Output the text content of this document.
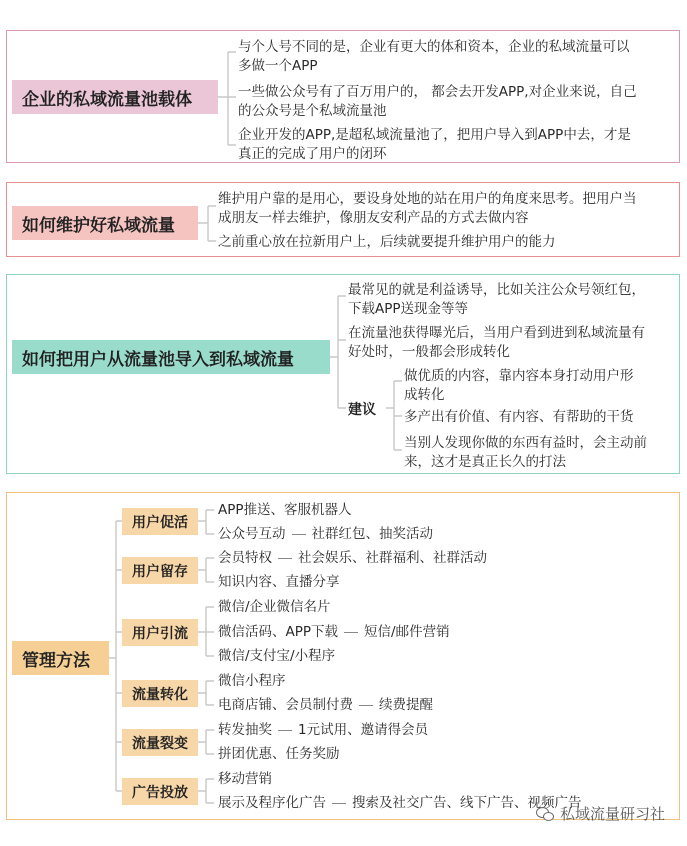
企业的私域流量池载体
与个人号不同的是，企业有更大的体和资本，企业的私域流量可以
多做一个APP
一些做公众号有了百万用户的， 都会去开发APP,对企业来说，自己
的公众号是个私域流量池
企业开发的APP,是超私域流量池了，把用户导入到APP中去，才是
真正的完成了用户的闭环
如何维护好私域流量
维护用户靠的是用心，要设身处地的站在用户的角度来思考。把用户当
成朋友一样去维护，像朋友安利产品的方式去做内容
之前重心放在拉新用户上，后续就要提升维护用户的能力
如何把用户从流量池导入到私域流量
最常见的就是利益诱导，比如关注公众号领红包，
下载APP送现金等等
在流量池获得曝光后，当用户看到进到私域流量有
好处时，一般都会形成转化
建议
做优质的内容，靠内容本身打动用户形
成转化
多产出有价值、有内容、有帮助的干货
当别人发现你做的东西有益时，会主动前
来，这才是真正长久的打法
管理方法
用户促活
APP推送、客服机器人
公众号互动 社群红包、抽奖活动
用户留存
会员特权 社会娱乐、社群福利、社群活动
知识内容、直播分享
用户引流
微信/企业微信名片
微信活码、APP下载 短信/邮件营销
微信/支付宝/小程序
流量转化
微信小程序
电商店铺、会员制付费 续费提醒
流量裂变
转发抽奖 1元试用、邀请得会员
拼团优惠、任务奖励
广告投放
移动营销
展示及程序化广告 搜索及社交广告、线下广告、视频广告
私域流量研习社
